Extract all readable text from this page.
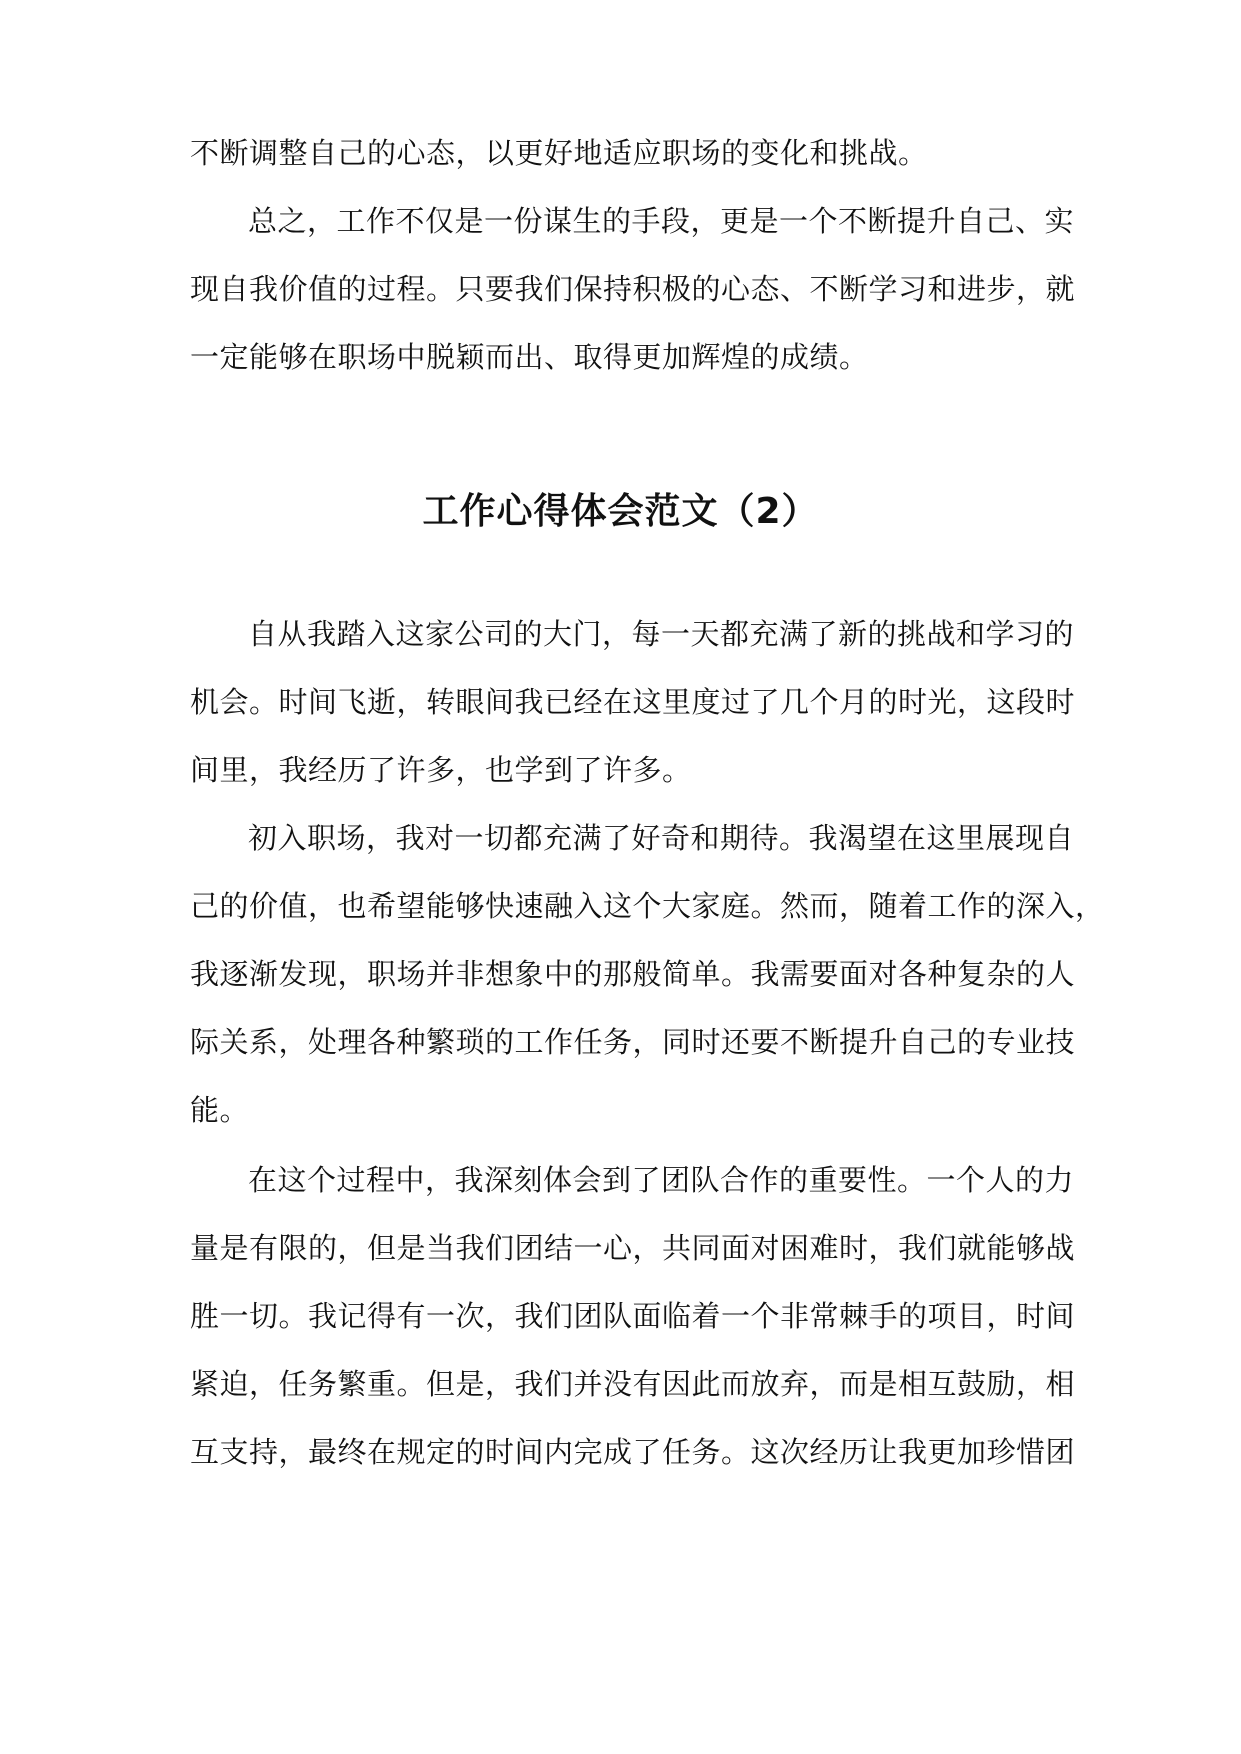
不断调整自己的心态，以更好地适应职场的变化和挑战。
总之，工作不仅是一份谋生的手段，更是一个不断提升自己、实
现自我价值的过程。只要我们保持积极的心态、不断学习和进步，就
一定能够在职场中脱颖而出、取得更加辉煌的成绩。
工作心得体会范文（2）
自从我踏入这家公司的大门，每一天都充满了新的挑战和学习的
机会。时间飞逝，转眼间我已经在这里度过了几个月的时光，这段时
间里，我经历了许多，也学到了许多。
初入职场，我对一切都充满了好奇和期待。我渴望在这里展现自
己的价值，也希望能够快速融入这个大家庭。然而，随着工作的深入，
我逐渐发现，职场并非想象中的那般简单。我需要面对各种复杂的人
际关系，处理各种繁琐的工作任务，同时还要不断提升自己的专业技
能。
在这个过程中，我深刻体会到了团队合作的重要性。一个人的力
量是有限的，但是当我们团结一心，共同面对困难时，我们就能够战
胜一切。我记得有一次，我们团队面临着一个非常棘手的项目，时间
紧迫，任务繁重。但是，我们并没有因此而放弃，而是相互鼓励，相
互支持，最终在规定的时间内完成了任务。这次经历让我更加珍惜团
